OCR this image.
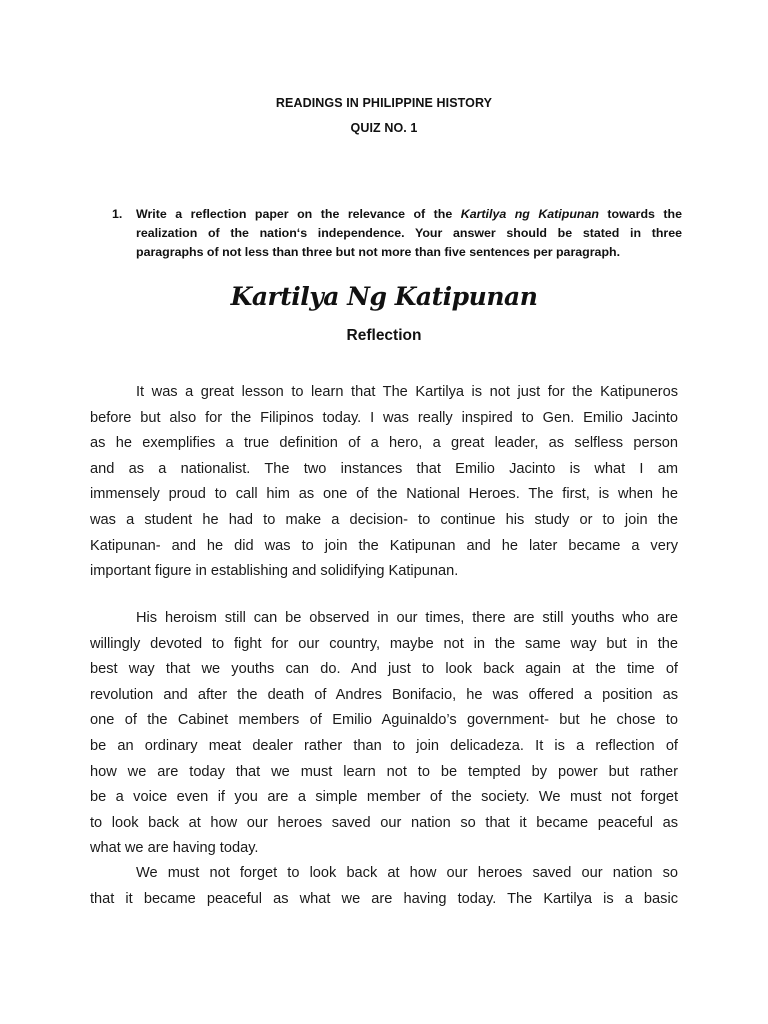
READINGS IN PHILIPPINE HISTORY
QUIZ NO. 1
1. Write a reflection paper on the relevance of the Kartilya ng Katipunan towards the
realization of the nation‘s independence. Your answer should be stated in three
paragraphs of not less than three but not more than five sentences per paragraph.
Kartilya Ng Katipunan
Reflection
It was a great lesson to learn that The Kartilya is not just for the Katipuneros
before but also for the Filipinos today. I was really inspired to Gen. Emilio Jacinto
as he exemplifies a true definition of a hero, a great leader, as selfless person
and as a nationalist. The two instances that Emilio Jacinto is what I am
immensely proud to call him as one of the National Heroes. The first, is when he
was a student he had to make a decision- to continue his study or to join the
Katipunan- and he did was to join the Katipunan and he later became a very
important figure in establishing and solidifying Katipunan.
His heroism still can be observed in our times, there are still youths who are
willingly devoted to fight for our country, maybe not in the same way but in the
best way that we youths can do. And just to look back again at the time of
revolution and after the death of Andres Bonifacio, he was offered a position as
one of the Cabinet members of Emilio Aguinaldo’s government- but he chose to
be an ordinary meat dealer rather than to join delicadeza. It is a reflection of
how we are today that we must learn not to be tempted by power but rather
be a voice even if you are a simple member of the society. We must not forget
to look back at how our heroes saved our nation so that it became peaceful as
what we are having today.
We must not forget to look back at how our heroes saved our nation so
that it became peaceful as what we are having today. The Kartilya is a basic
